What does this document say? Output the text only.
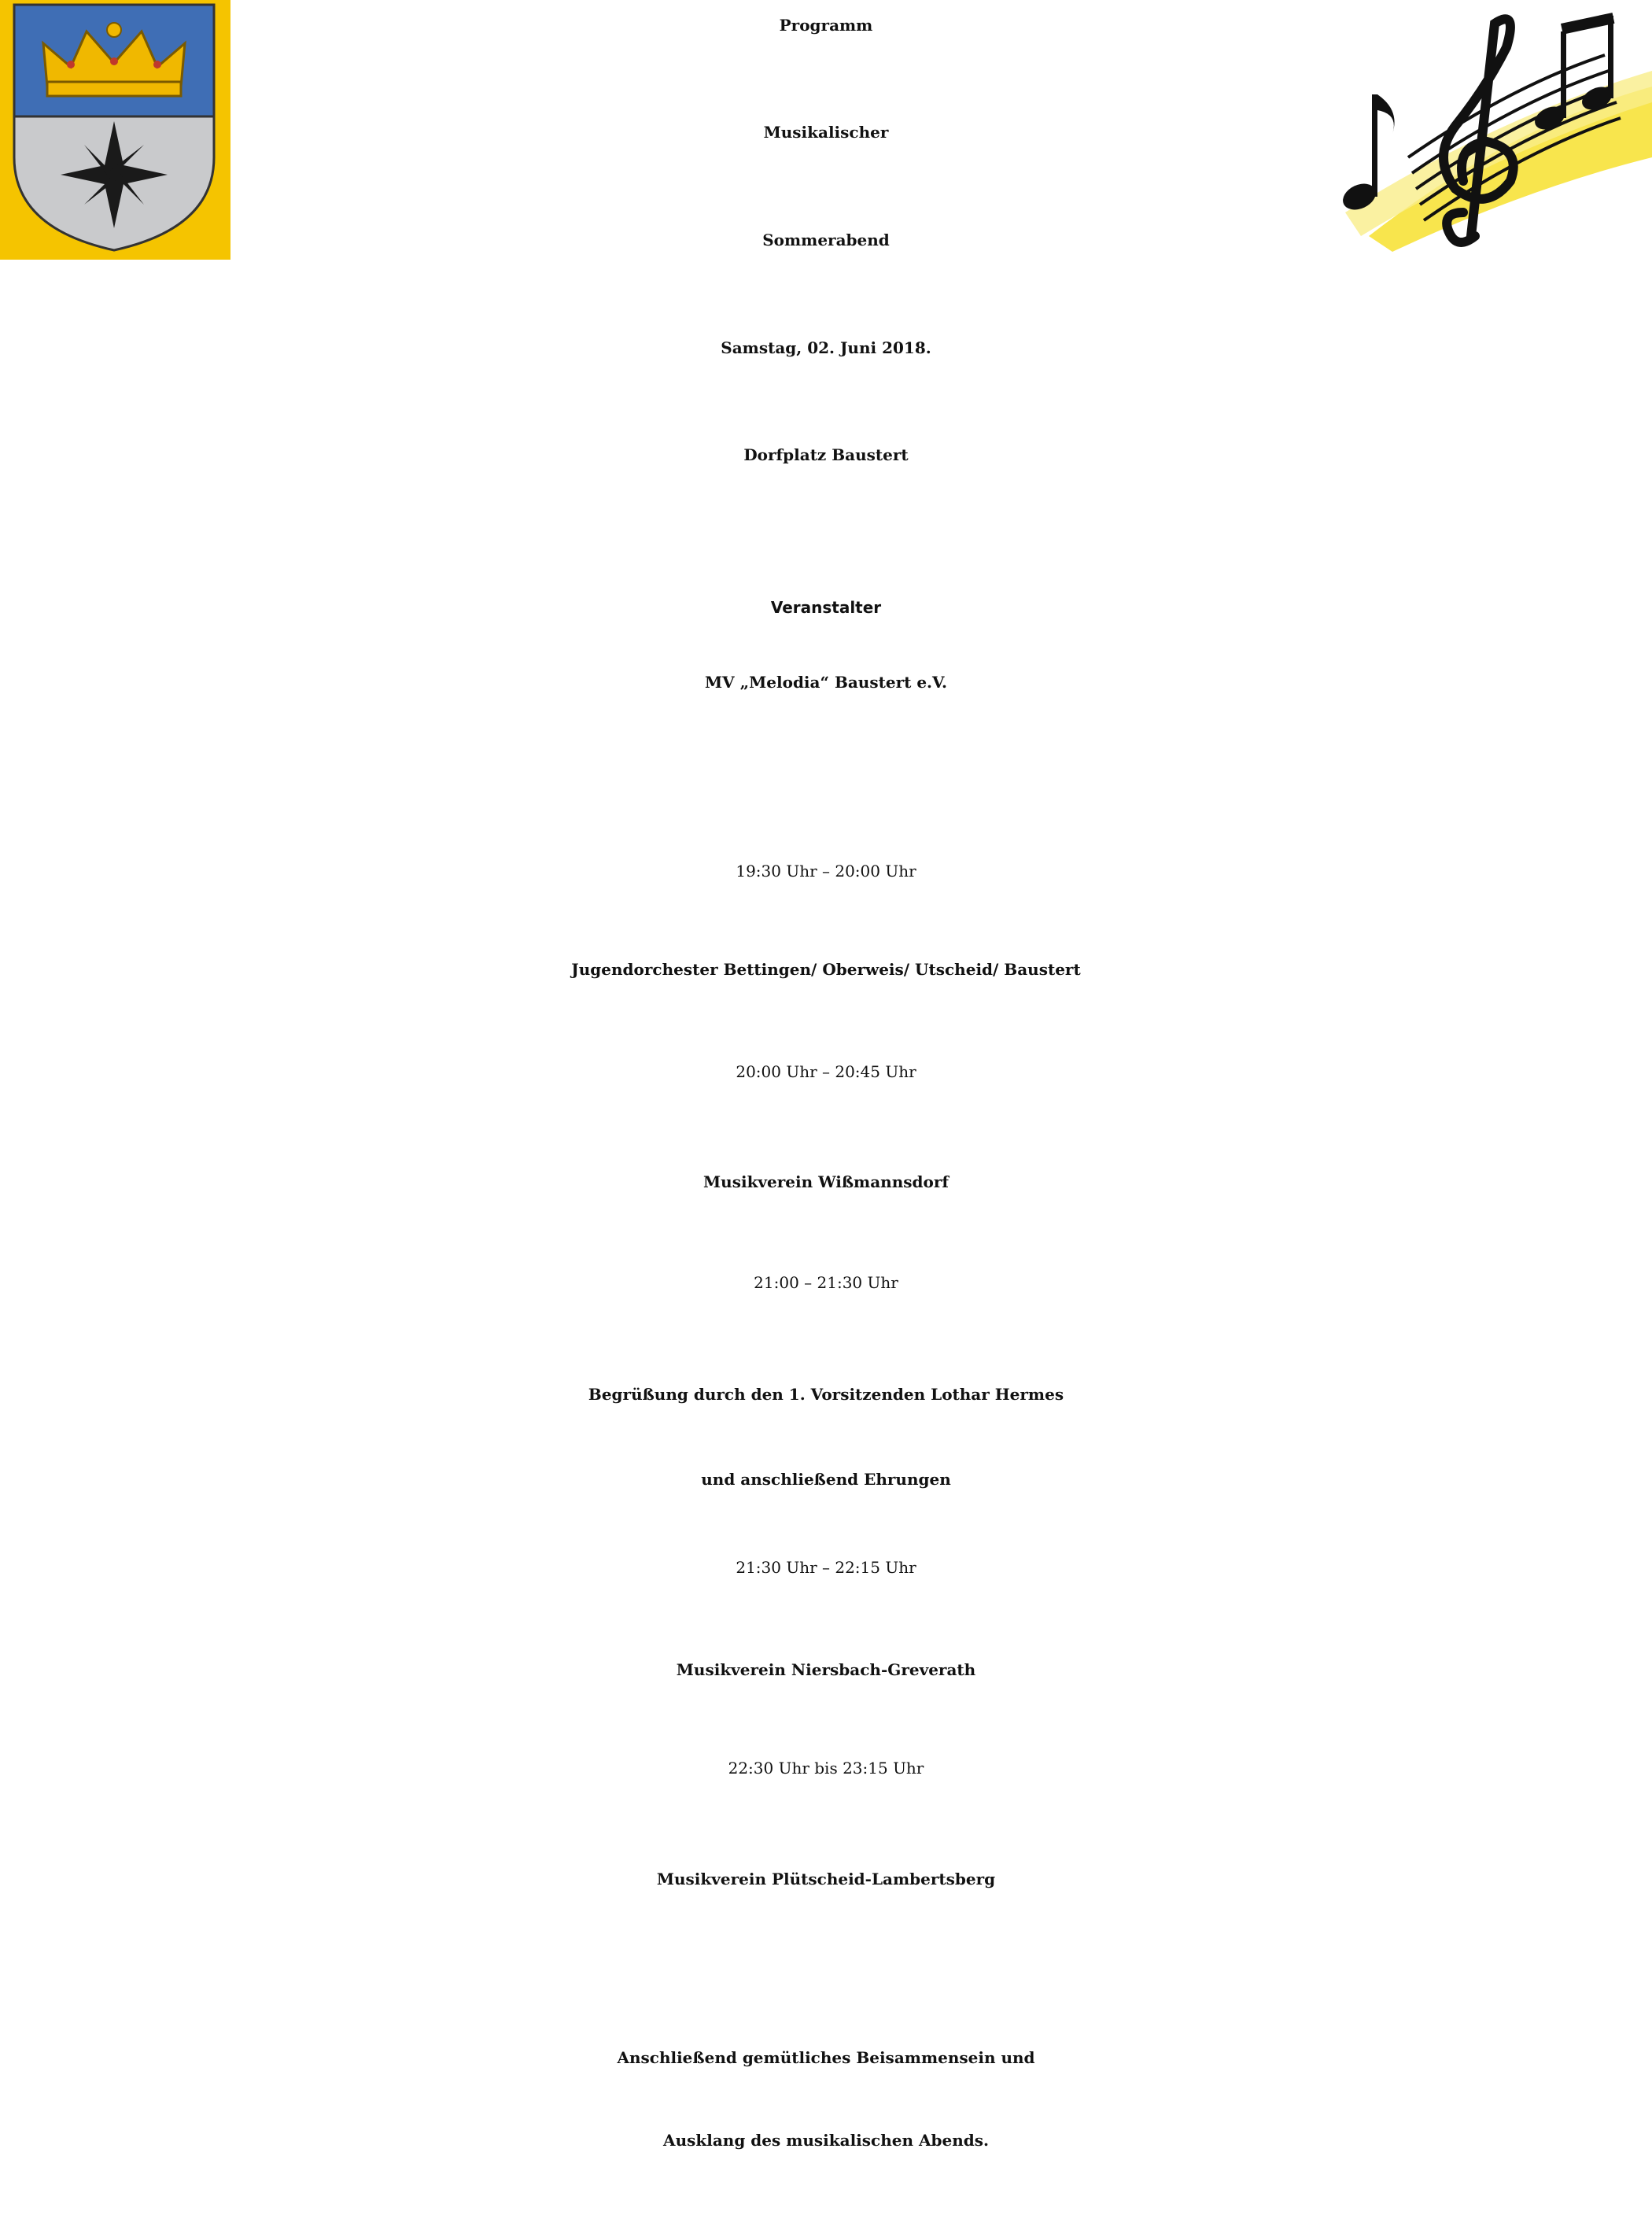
Programm
Musikalischer
Sommerabend
Samstag, 02. Juni 2018.
Dorfplatz Baustert
Veranstalter
MV „Melodia“ Baustert e.V.
19:30 Uhr – 20:00 Uhr
Jugendorchester Bettingen/ Oberweis/ Utscheid/ Baustert
20:00 Uhr – 20:45 Uhr
Musikverein Wißmannsdorf
21:00 – 21:30 Uhr
Begrüßung durch den 1. Vorsitzenden Lothar Hermes
und anschließend Ehrungen
21:30 Uhr – 22:15 Uhr
Musikverein Niersbach-Greverath
22:30 Uhr bis 23:15 Uhr
Musikverein Plütscheid-Lambertsberg
Anschließend gemütliches Beisammensein und
Ausklang des musikalischen Abends.
